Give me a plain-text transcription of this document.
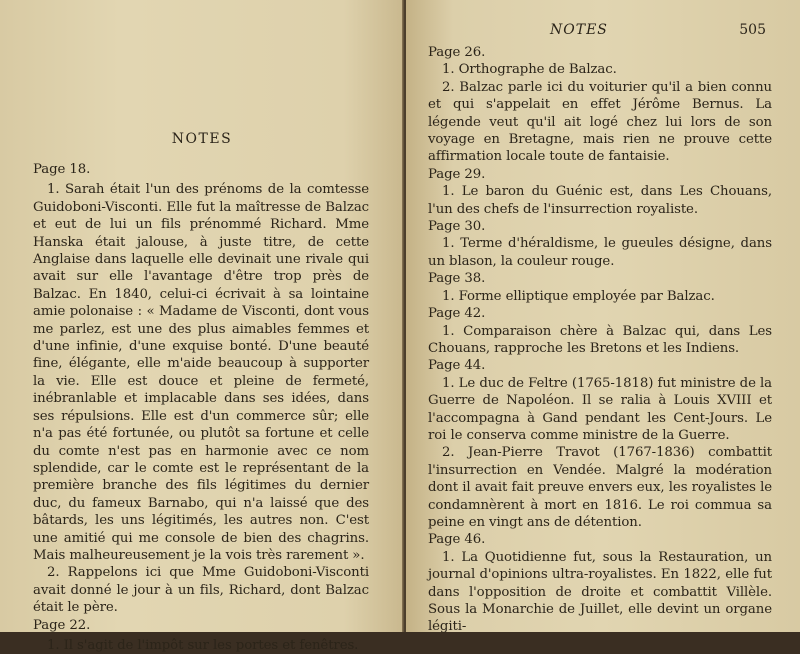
NOTES

Page 18.

1. Sarah était l'un des prénoms de la comtesse Guidoboni-Visconti. Elle fut la maîtresse de Balzac et eut de lui un fils prénommé Richard. Mme Hanska était jalouse, à juste titre, de cette Anglaise dans laquelle elle devinait une rivale qui avait sur elle l'avantage d'être trop près de Balzac. En 1840, celui-ci écrivait à sa lointaine amie polonaise : « Madame de Visconti, dont vous me parlez, est une des plus aimables femmes et d'une infinie, d'une exquise bonté. D'une beauté fine, élégante, elle m'aide beaucoup à supporter la vie. Elle est douce et pleine de fermeté, inébranlable et implacable dans ses idées, dans ses répulsions. Elle est d'un commerce sûr; elle n'a pas été fortunée, ou plutôt sa fortune et celle du comte n'est pas en harmonie avec ce nom splendide, car le comte est le représentant de la première branche des fils légitimes du dernier duc, du fameux Barnabo, qui n'a laissé que des bâtards, les uns légitimés, les autres non. C'est une amitié qui me console de bien des chagrins. Mais malheureusement je la vois très rarement ».

2. Rappelons ici que Mme Guidoboni-Visconti avait donné le jour à un fils, Richard, dont Balzac était le père.

Page 22.

1. Il s'agit de l'impôt sur les portes et fenêtres.

NOTES	505

Page 26.

1. Orthographe de Balzac.

2. Balzac parle ici du voiturier qu'il a bien connu et qui s'appelait en effet Jérôme Bernus. La légende veut qu'il ait logé chez lui lors de son voyage en Bretagne, mais rien ne prouve cette affirmation locale toute de fantaisie.

Page 29.

1. Le baron du Guénic est, dans Les Chouans, l'un des chefs de l'insurrection royaliste.

Page 30.

1. Terme d'héraldisme, le gueules désigne, dans un blason, la couleur rouge.

Page 38.

1. Forme elliptique employée par Balzac.

Page 42.

1. Comparaison chère à Balzac qui, dans Les Chouans, rapproche les Bretons et les Indiens.

Page 44.

1. Le duc de Feltre (1765-1818) fut ministre de la Guerre de Napoléon. Il se ralia à Louis XVIII et l'accompagna à Gand pendant les Cent-Jours. Le roi le conserva comme ministre de la Guerre.

2. Jean-Pierre Travot (1767-1836) combattit l'insurrection en Vendée. Malgré la modération dont il avait fait preuve envers eux, les royalistes le condamnèrent à mort en 1816. Le roi commua sa peine en vingt ans de détention.

Page 46.

1. La Quotidienne fut, sous la Restauration, un journal d'opinions ultra-royalistes. En 1822, elle fut dans l'opposition de droite et combattit Villèle. Sous la Monarchie de Juillet, elle devint un organe légiti-
